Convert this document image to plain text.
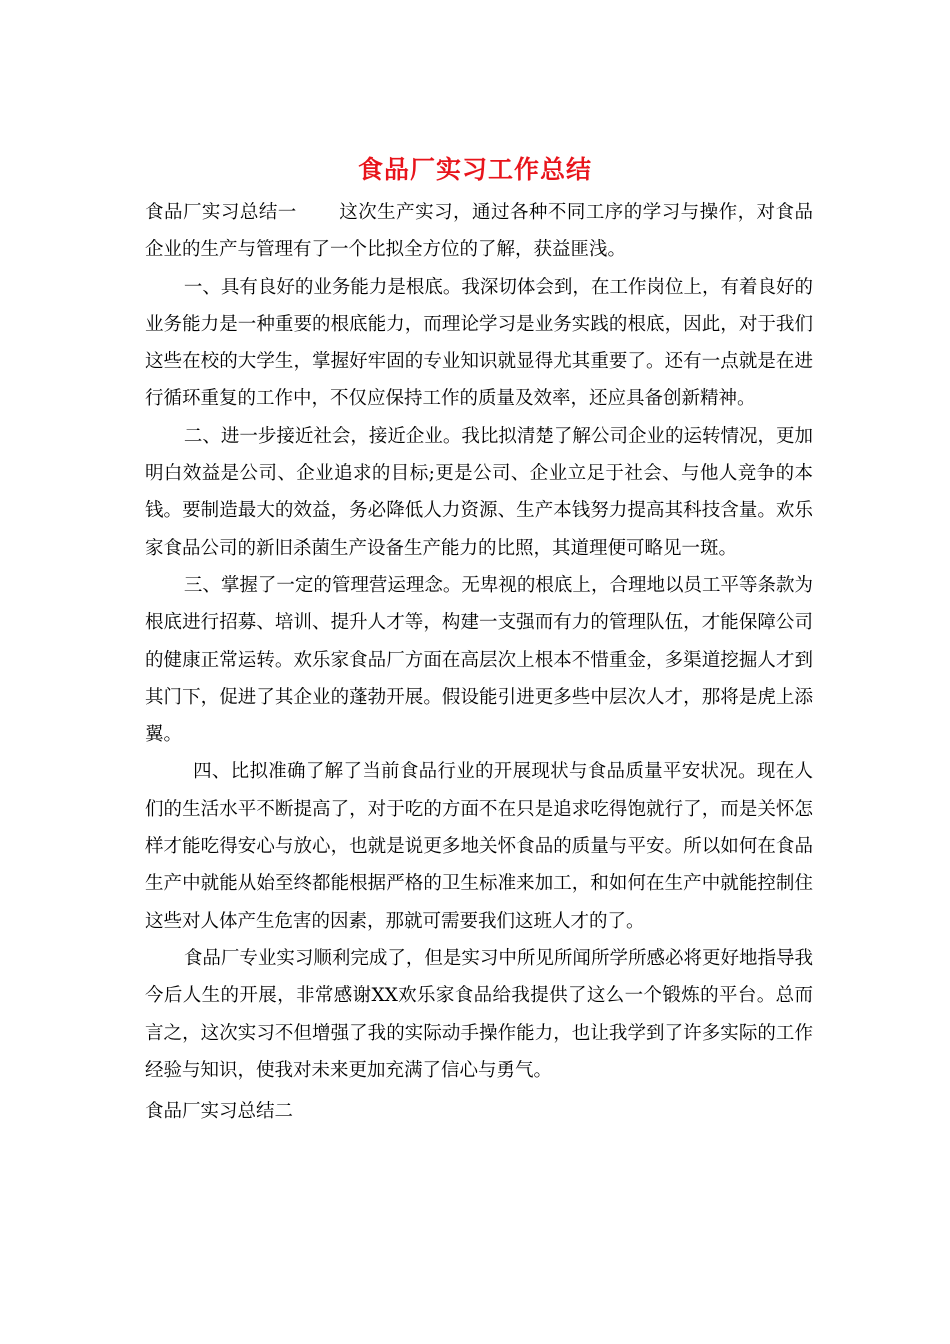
食品厂实习工作总结

食品厂实习总结一 这次生产实习，通过各种不同工序的学习与操作，对食品企业的生产与管理有了一个比拟全方位的了解，获益匪浅。

一、具有良好的业务能力是根底。我深切体会到，在工作岗位上，有着良好的业务能力是一种重要的根底能力，而理论学习是业务实践的根底，因此，对于我们这些在校的大学生，掌握好牢固的专业知识就显得尤其重要了。还有一点就是在进行循环重复的工作中，不仅应保持工作的质量及效率，还应具备创新精神。

二、进一步接近社会，接近企业。我比拟清楚了解公司企业的运转情况，更加明白效益是公司、企业追求的目标;更是公司、企业立足于社会、与他人竞争的本钱。要制造最大的效益，务必降低人力资源、生产本钱努力提高其科技含量。欢乐家食品公司的新旧杀菌生产设备生产能力的比照，其道理便可略见一斑。

三、掌握了一定的管理营运理念。无卑视的根底上，合理地以员工平等条款为根底进行招募、培训、提升人才等，构建一支强而有力的管理队伍，才能保障公司的健康正常运转。欢乐家食品厂方面在高层次上根本不惜重金，多渠道挖掘人才到其门下，促进了其企业的蓬勃开展。假设能引进更多些中层次人才，那将是虎上添翼。

四、比拟准确了解了当前食品行业的开展现状与食品质量平安状况。现在人们的生活水平不断提高了，对于吃的方面不在只是追求吃得饱就行了，而是关怀怎样才能吃得安心与放心，也就是说更多地关怀食品的质量与平安。所以如何在食品生产中就能从始至终都能根据严格的卫生标准来加工，和如何在生产中就能控制住这些对人体产生危害的因素，那就可需要我们这班人才的了。

食品厂专业实习顺利完成了，但是实习中所见所闻所学所感必将更好地指导我今后人生的开展，非常感谢XX欢乐家食品给我提供了这么一个锻炼的平台。总而言之，这次实习不但增强了我的实际动手操作能力，也让我学到了许多实际的工作经验与知识，使我对未来更加充满了信心与勇气。

食品厂实习总结二
